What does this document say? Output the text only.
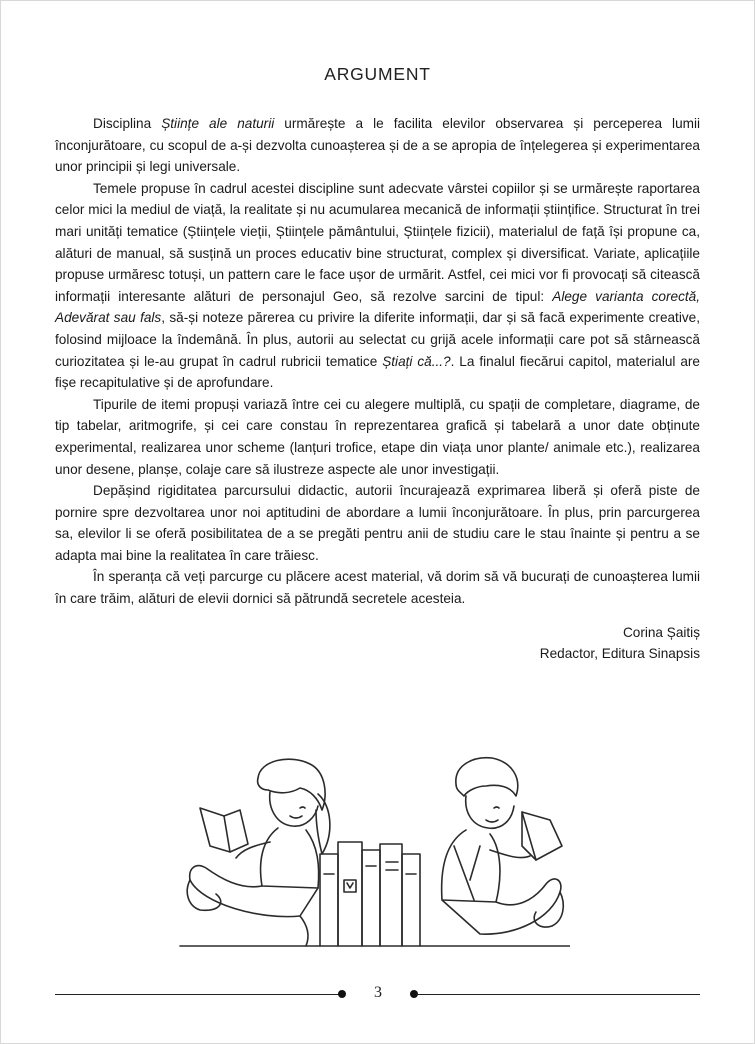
ARGUMENT

Disciplina Științe ale naturii urmărește a le facilita elevilor observarea și perceperea lumii înconjurătoare, cu scopul de a-și dezvolta cunoașterea și de a se apropia de înțelegerea și experimentarea unor principii și legi universale.

Temele propuse în cadrul acestei discipline sunt adecvate vârstei copiilor și se urmărește raportarea celor mici la mediul de viață, la realitate și nu acumularea mecanică de informații științifice. Structurat în trei mari unități tematice (Științele vieții, Științele pământului, Științele fizicii), materialul de față își propune ca, alături de manual, să susțină un proces educativ bine structurat, complex și diversificat. Variate, aplicațiile propuse urmăresc totuși, un pattern care le face ușor de urmărit. Astfel, cei mici vor fi provocați să citească informații interesante alături de personajul Geo, să rezolve sarcini de tipul: Alege varianta corectă, Adevărat sau fals, să-și noteze părerea cu privire la diferite informații, dar și să facă experimente creative, folosind mijloace la îndemână. În plus, autorii au selectat cu grijă acele informații care pot să stârnească curiozitatea și le-au grupat în cadrul rubricii tematice Știați că...?. La finalul fiecărui capitol, materialul are fișe recapitulative și de aprofundare.

Tipurile de itemi propuși variază între cei cu alegere multiplă, cu spații de completare, diagrame, de tip tabelar, aritmogrife, și cei care constau în reprezentarea grafică și tabelară a unor date obținute experimental, realizarea unor scheme (lanțuri trofice, etape din viața unor plante/ animale etc.), realizarea unor desene, planșe, colaje care să ilustreze aspecte ale unor investigații.

Depășind rigiditatea parcursului didactic, autorii încurajează exprimarea liberă și oferă piste de pornire spre dezvoltarea unor noi aptitudini de abordare a lumii înconjurătoare. În plus, prin parcurgerea sa, elevilor li se oferă posibilitatea de a se pregăti pentru anii de studiu care le stau înainte și pentru a se adapta mai bine la realitatea în care trăiesc.

În speranța că veți parcurge cu plăcere acest material, vă dorim să vă bucurați de cunoașterea lumii în care trăim, alături de elevii dornici să pătrundă secretele acesteia.

Corina Șaitiș
Redactor, Editura Sinapsis
3
